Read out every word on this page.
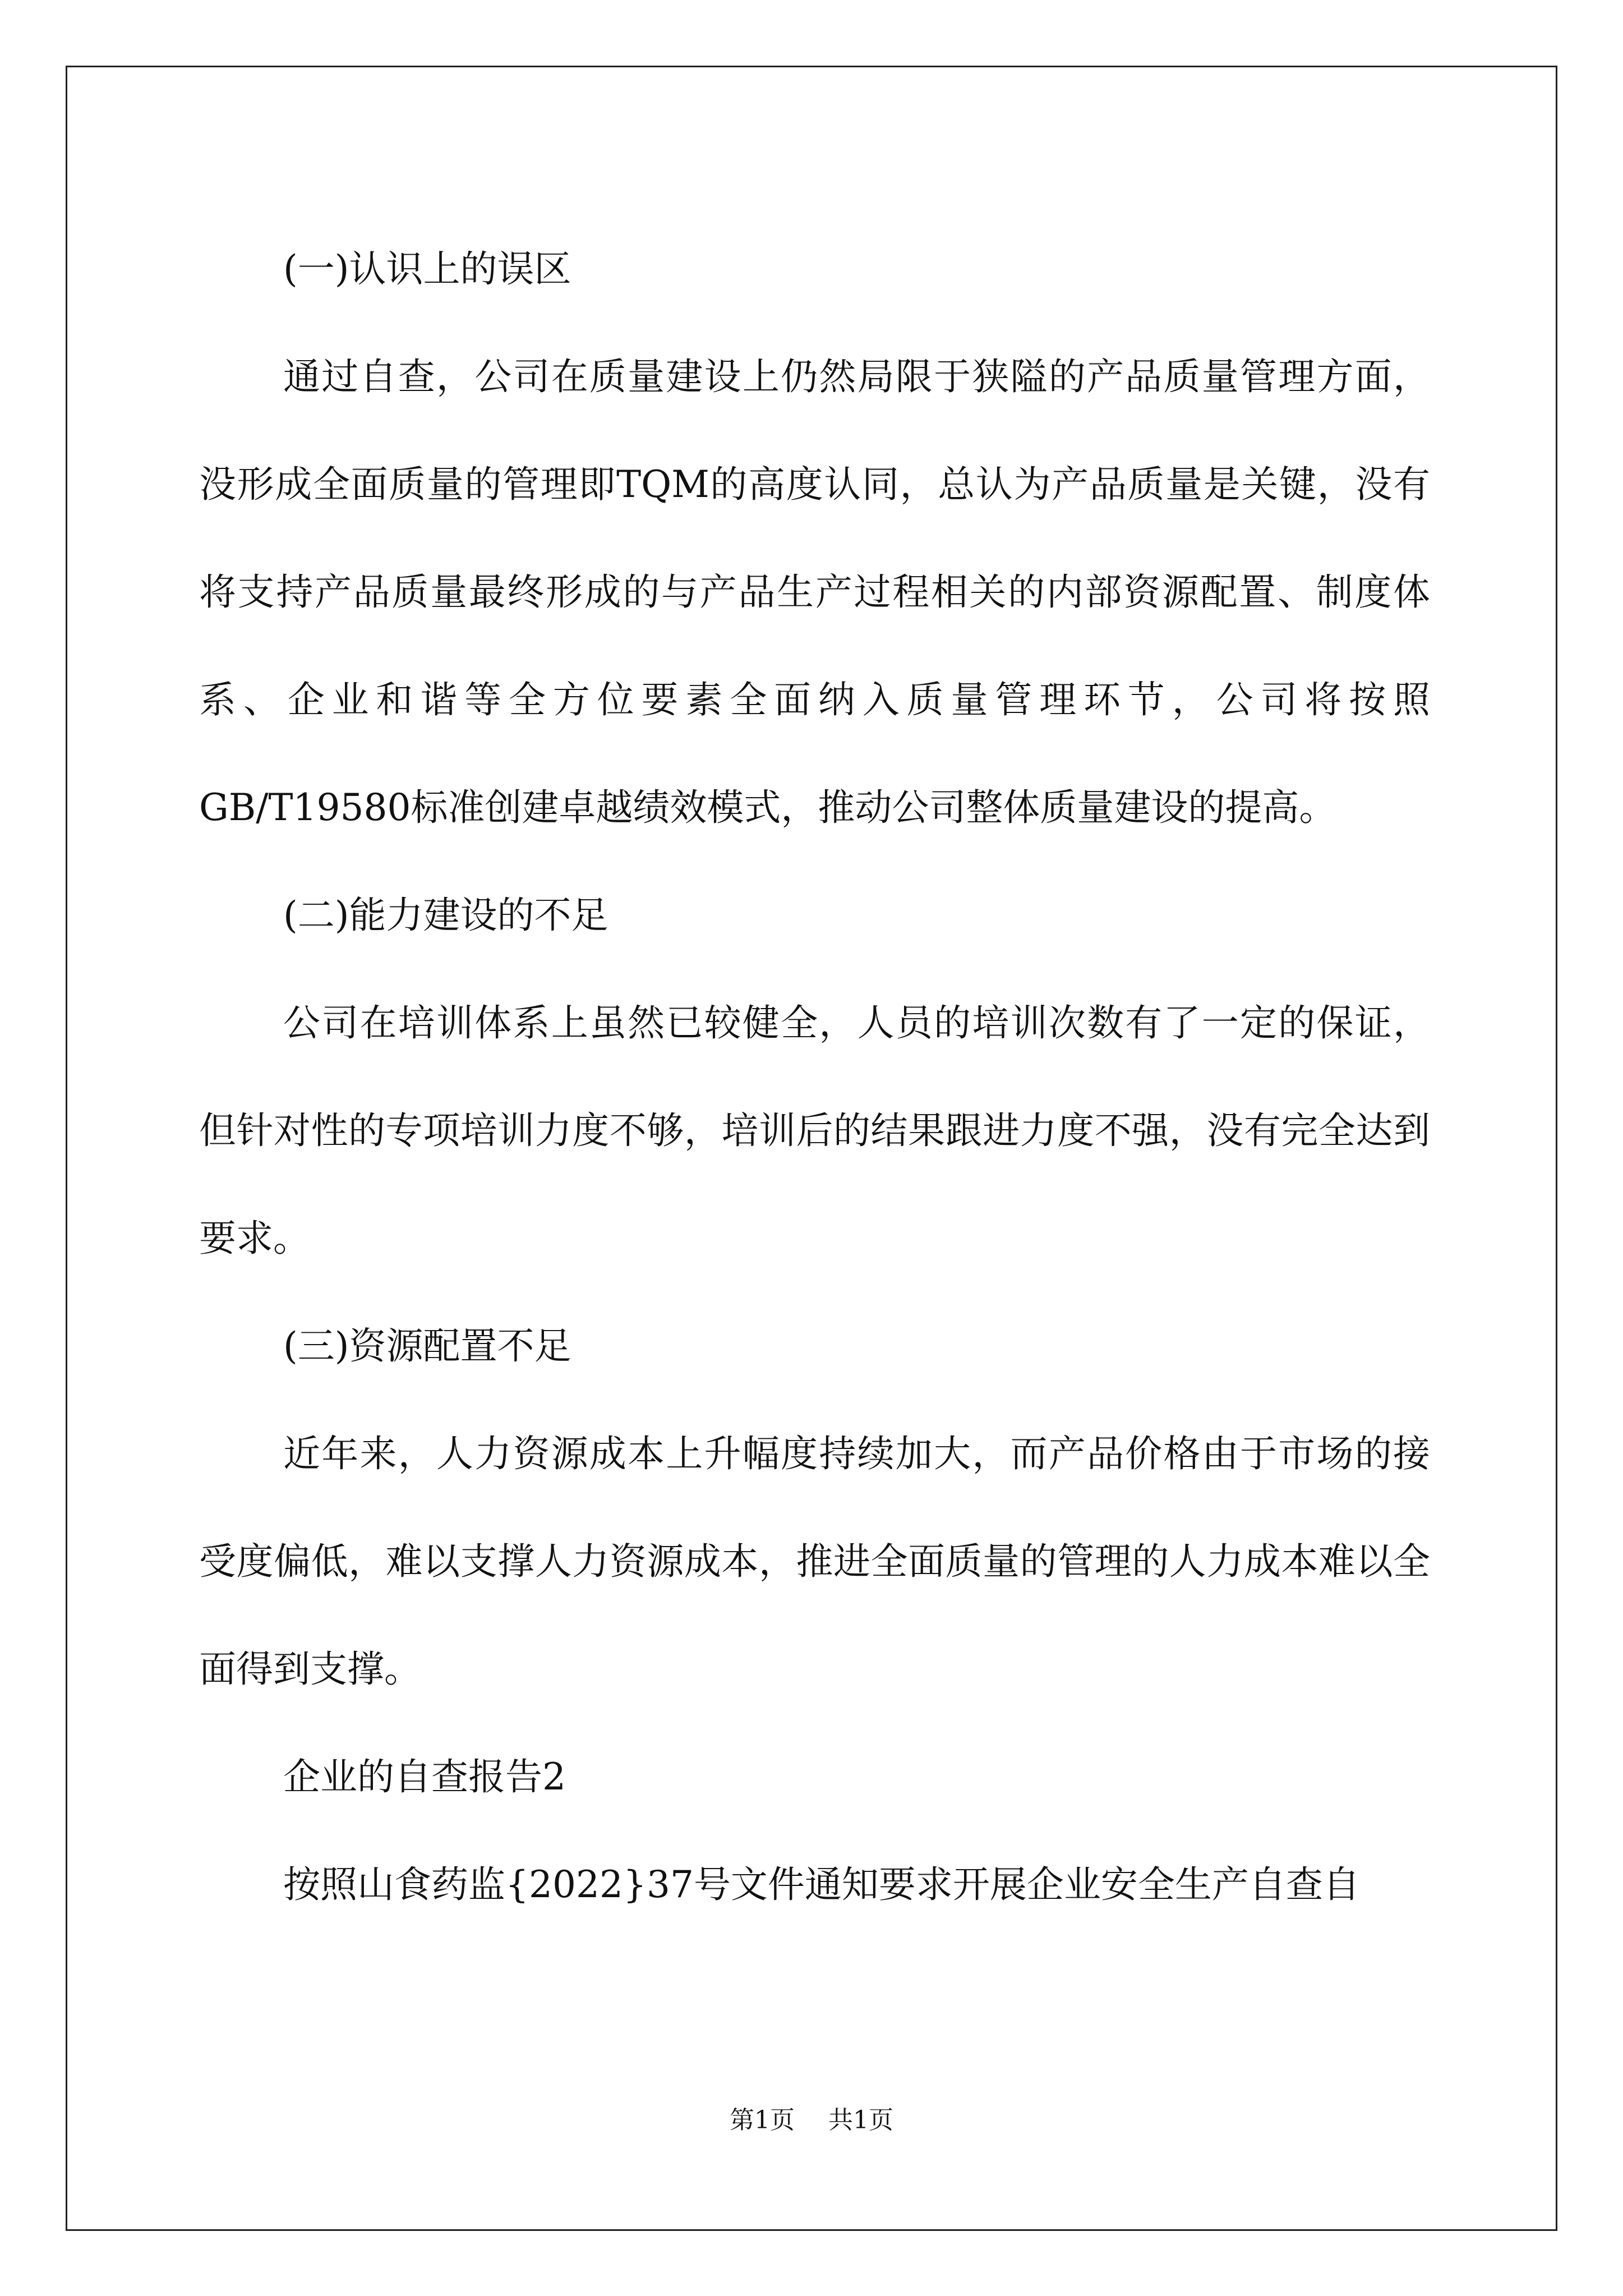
(一)认识上的误区

通过自查，公司在质量建设上仍然局限于狭隘的产品质量管理方面，没形成全面质量的管理即TQM的高度认同，总认为产品质量是关键，没有将支持产品质量最终形成的与产品生产过程相关的内部资源配置、制度体系、企业和谐等全方位要素全面纳入质量管理环节，公司将按照GB/T19580标准创建卓越绩效模式，推动公司整体质量建设的提高。

(二)能力建设的不足

公司在培训体系上虽然已较健全，人员的培训次数有了一定的保证，但针对性的专项培训力度不够，培训后的结果跟进力度不强，没有完全达到要求。

(三)资源配置不足

近年来，人力资源成本上升幅度持续加大，而产品价格由于市场的接受度偏低，难以支撑人力资源成本，推进全面质量的管理的人力成本难以全面得到支撑。

企业的自查报告2

按照山食药监{2022}37号文件通知要求开展企业安全生产自查自

第1页 共1页
